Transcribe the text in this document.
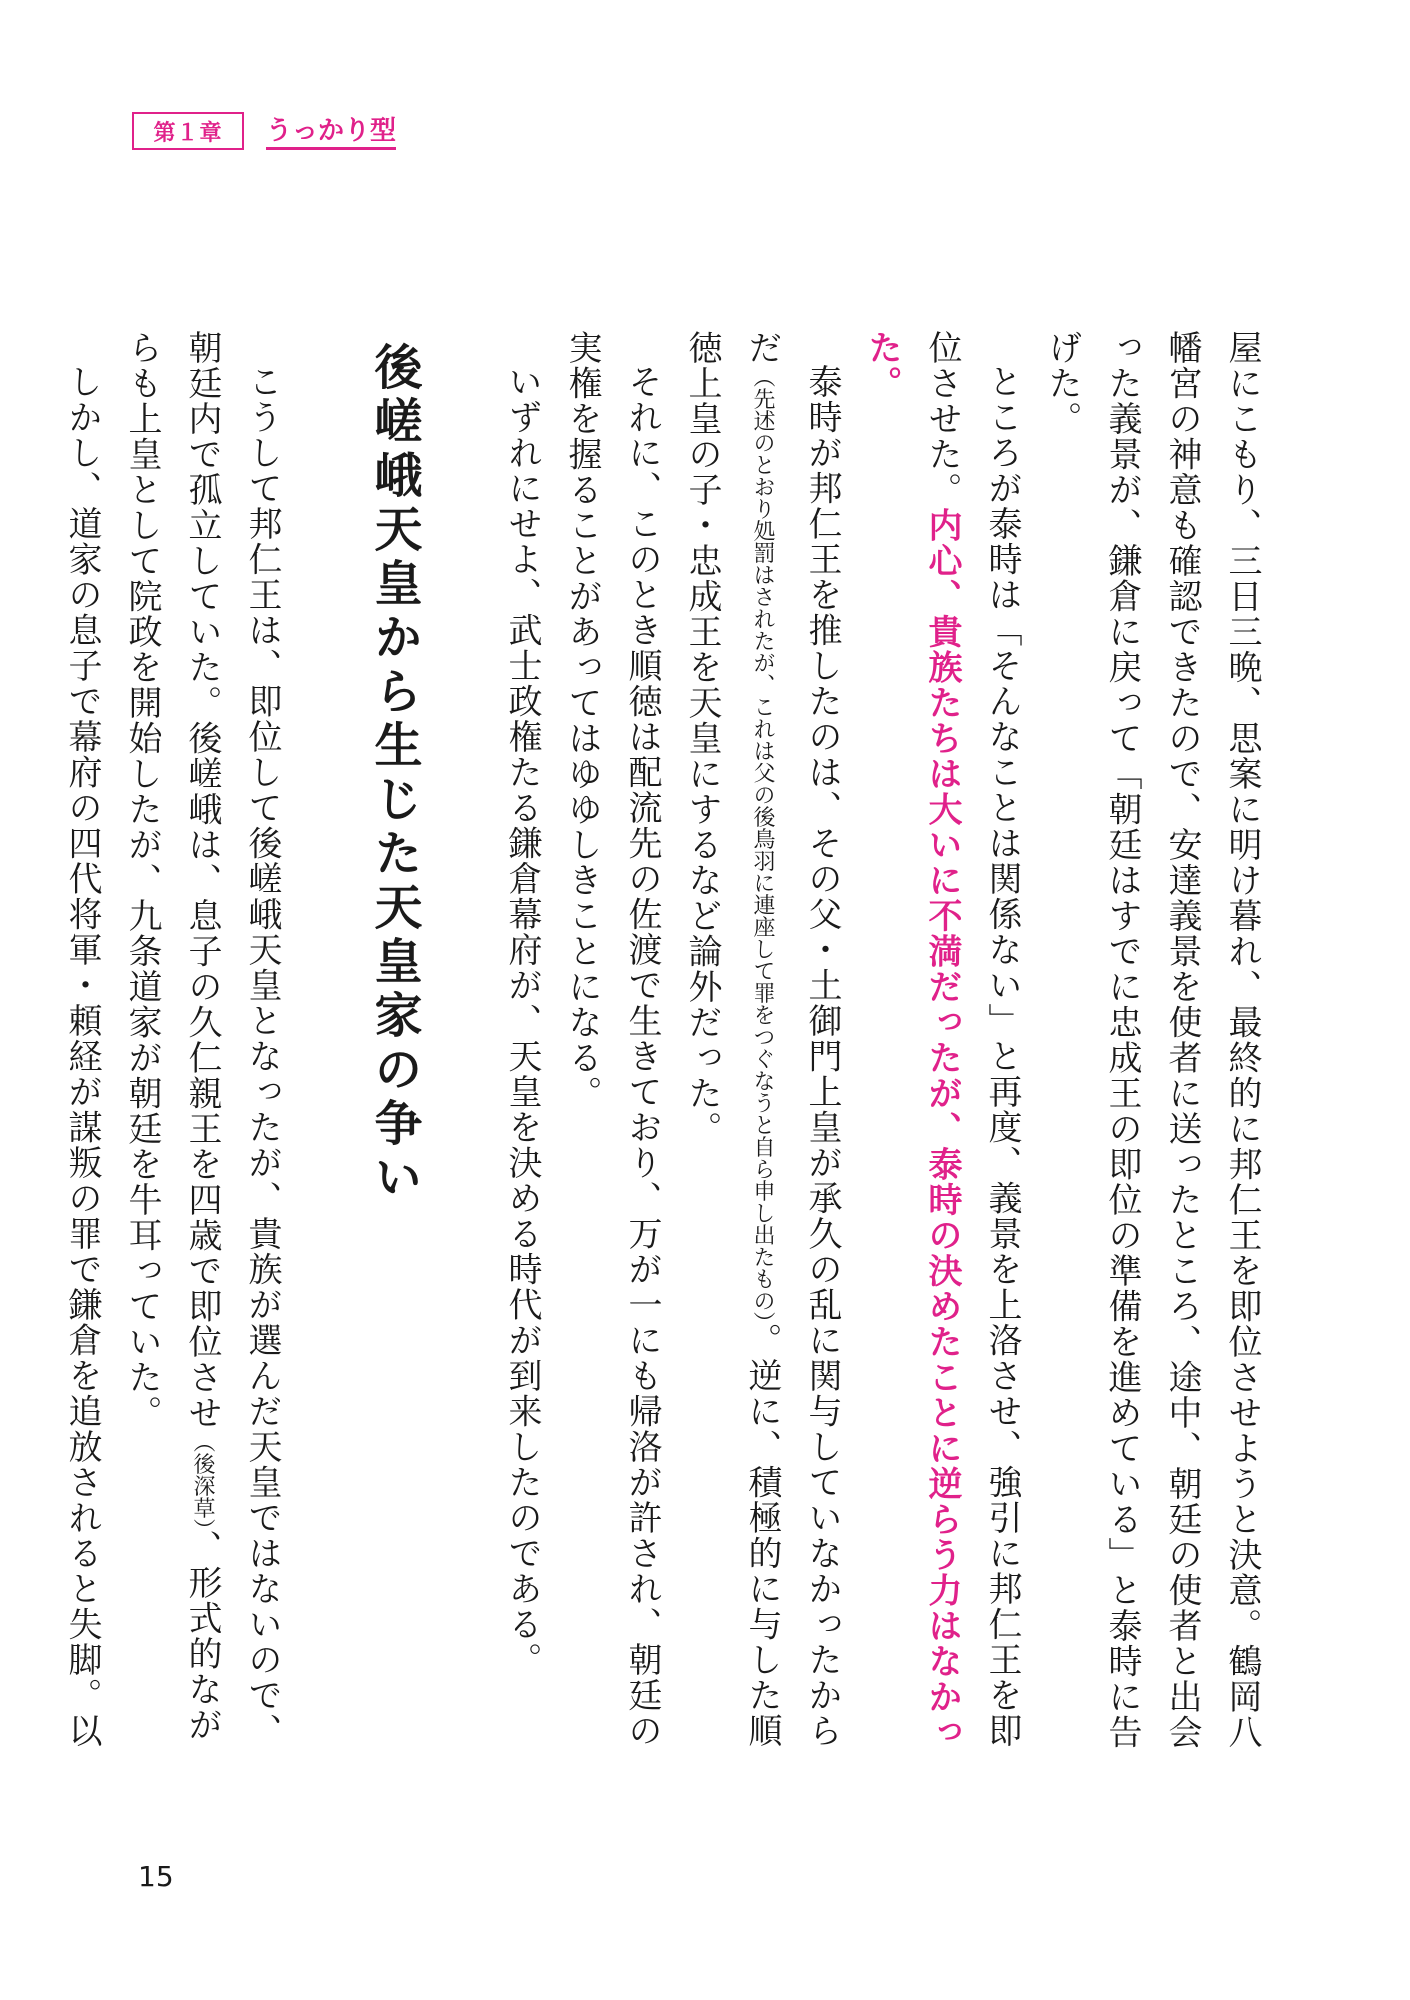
第１章 うっかり型

屋にこもり、三日三晩、思案に明け暮れ、最終的に邦仁王を即位させようと決意。鶴岡八幡宮の神意も確認できたので、安達義景を使者に送ったところ、途中、朝廷の使者と出会った義景が、鎌倉に戻って「朝廷はすでに忠成王の即位の準備を進めている」と泰時に告げた。

ところが泰時は「そんなことは関係ない」と再度、義景を上洛させ、強引に邦仁王を即位させた。内心、貴族たちは大いに不満だったが、泰時の決めたことに逆らう力はなかった。

泰時が邦仁王を推したのは、その父・土御門上皇が承久の乱に関与していなかったからだ（先述のとおり処罰はされたが、これは父の後鳥羽に連座して罪をつぐなうと自ら申し出たもの）。逆に、積極的に与した順徳上皇の子・忠成王を天皇にするなど論外だった。

それに、このとき順徳は配流先の佐渡で生きており、万が一にも帰洛が許され、朝廷の実権を握ることがあってはゆゆしきことになる。

いずれにせよ、武士政権たる鎌倉幕府が、天皇を決める時代が到来したのである。

後嵯峨天皇から生じた天皇家の争い

こうして邦仁王は、即位して後嵯峨天皇となったが、貴族が選んだ天皇ではないので、朝廷内で孤立していた。後嵯峨は、息子の久仁親王を四歳で即位させ（後深草）、形式的ながらも上皇として院政を開始したが、九条道家が朝廷を牛耳っていた。

しかし、道家の息子で幕府の四代将軍・頼経が謀叛の罪で鎌倉を追放されると失脚。以

15
